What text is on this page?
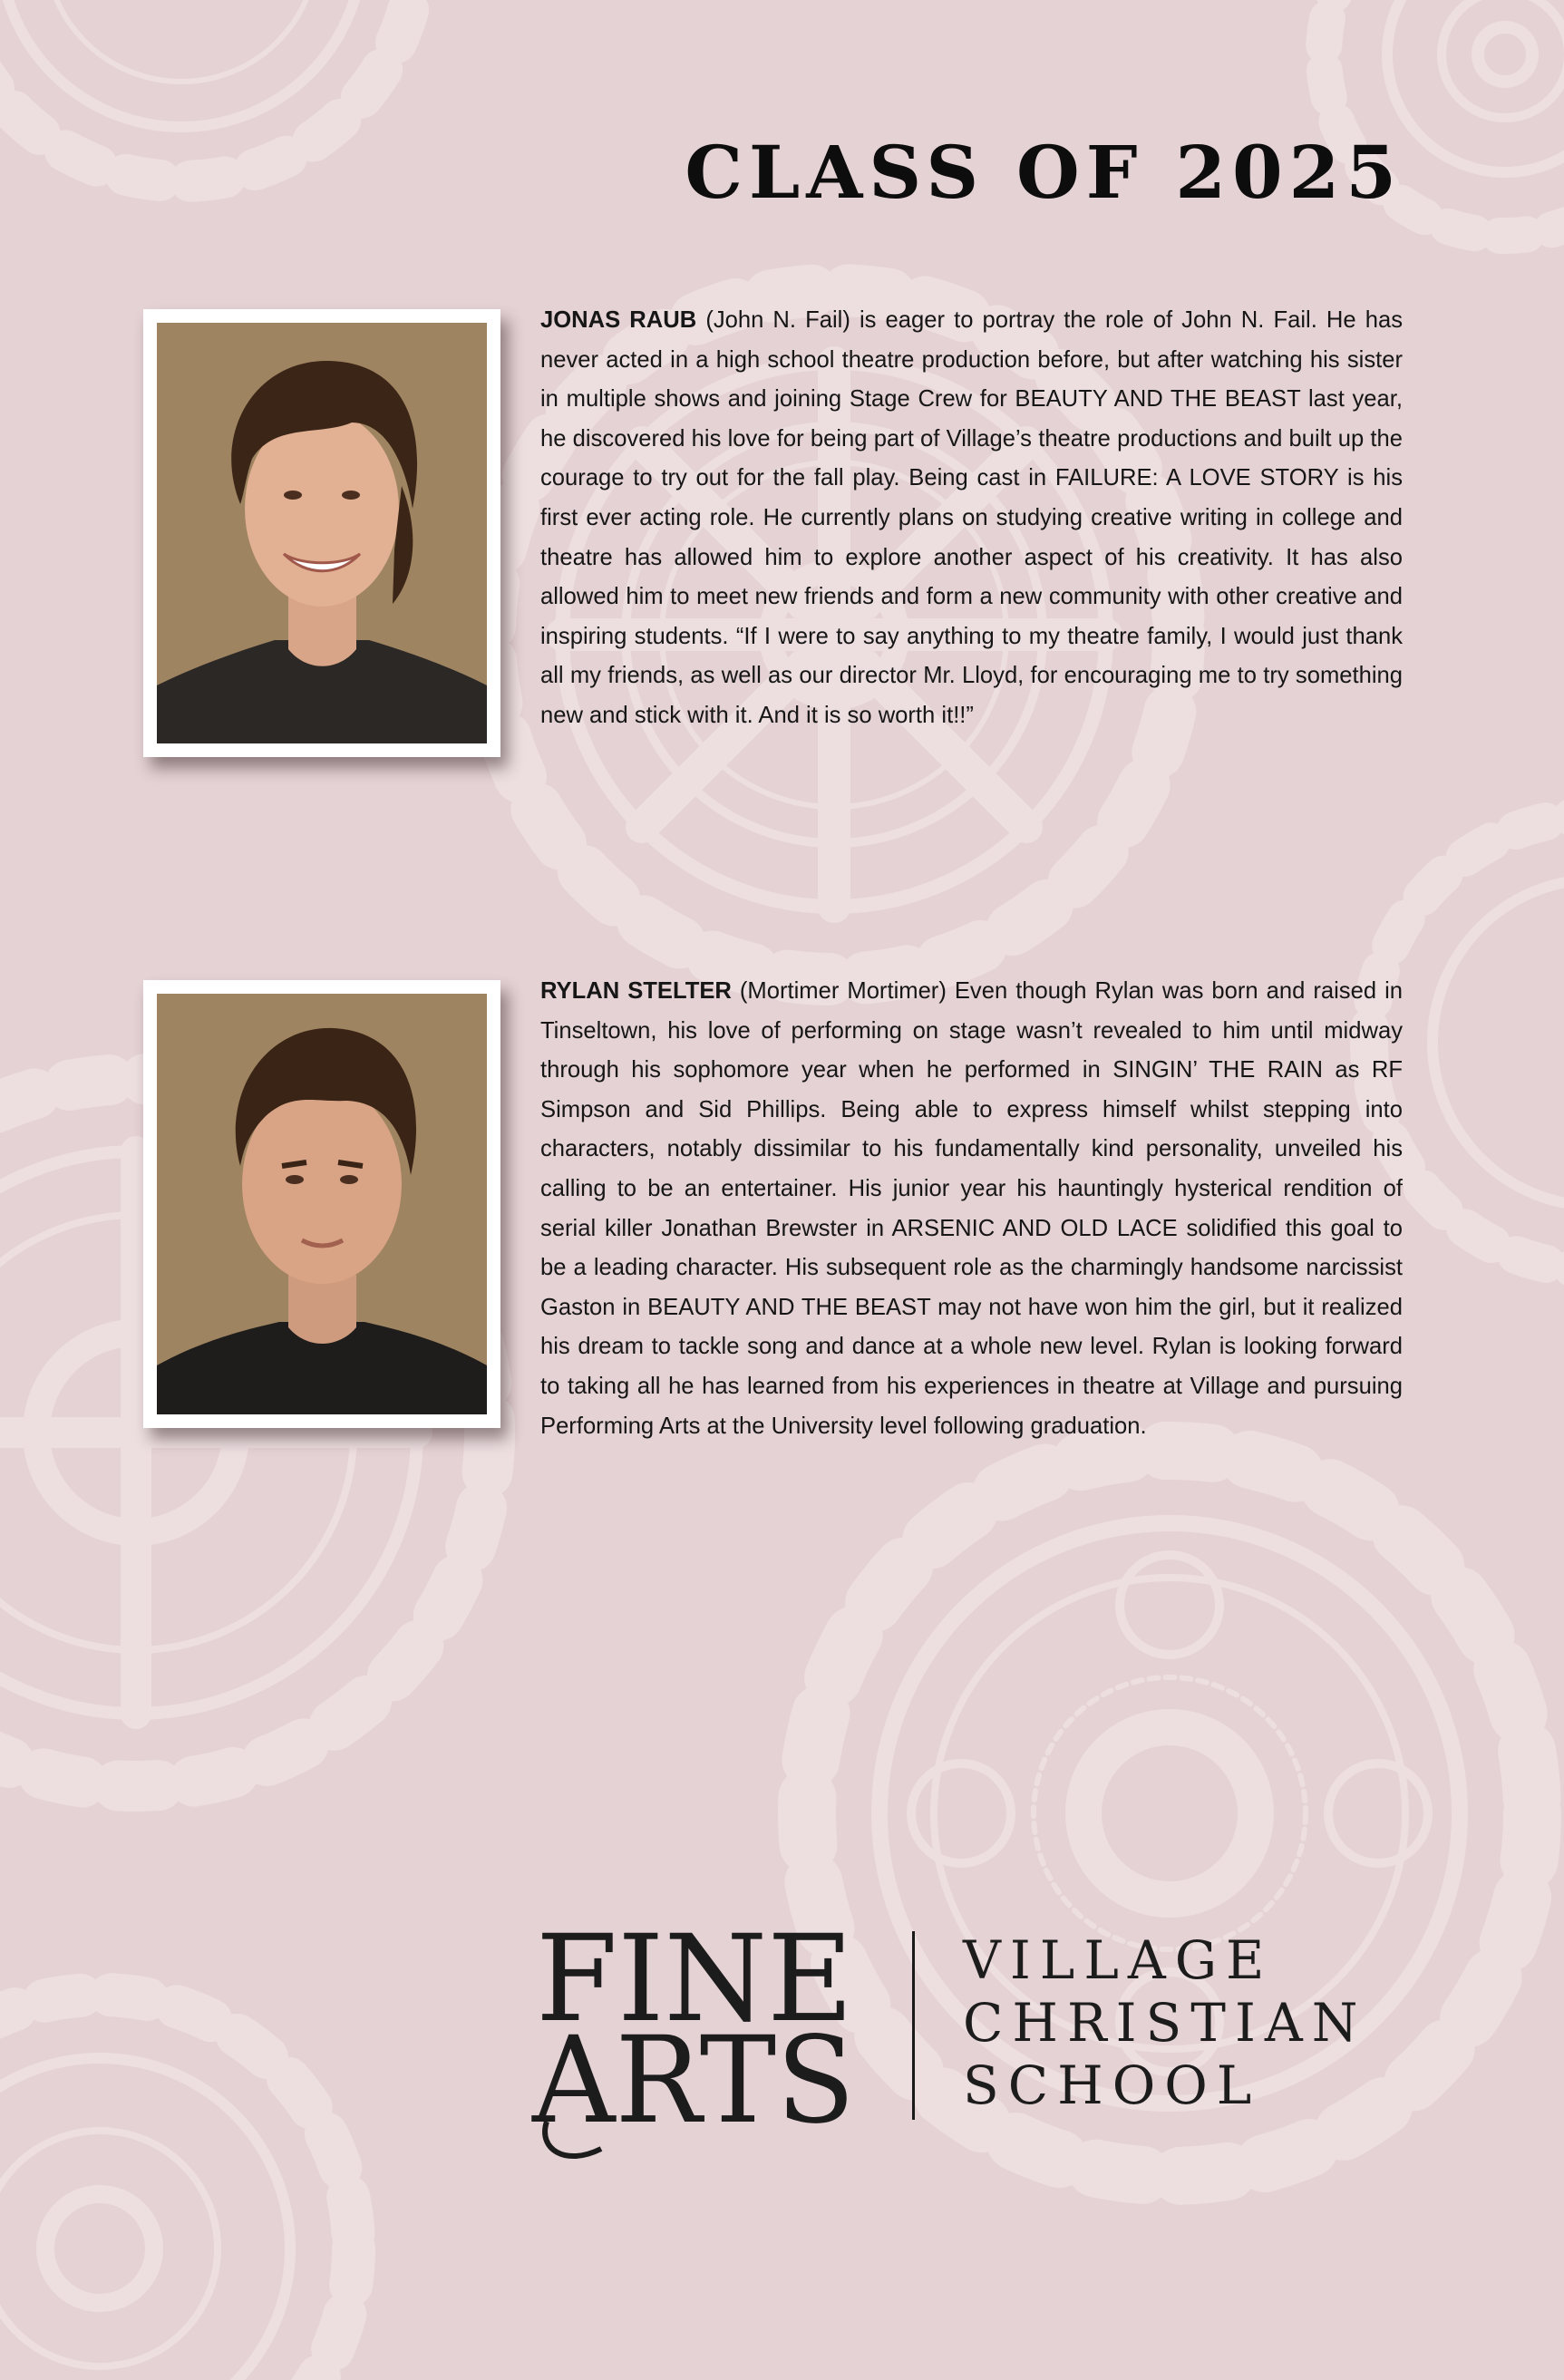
CLASS OF 2025

JONAS RAUB (John N. Fail) is eager to portray the role of John N. Fail. He has never acted in a high school theatre production before, but after watching his sister in multiple shows and joining Stage Crew for BEAUTY AND THE BEAST last year, he discovered his love for being part of Village’s theatre productions and built up the courage to try out for the fall play. Being cast in FAILURE: A LOVE STORY is his first ever acting role. He currently plans on studying creative writing in college and theatre has allowed him to explore another aspect of his creativity. It has also allowed him to meet new friends and form a new community with other creative and inspiring students. “If I were to say anything to my theatre family, I would just thank all my friends, as well as our director Mr. Lloyd, for encouraging me to try something new and stick with it. And it is so worth it!!”

RYLAN STELTER (Mortimer Mortimer) Even though Rylan was born and raised in Tinseltown, his love of performing on stage wasn’t revealed to him until midway through his sophomore year when he performed in SINGIN’ THE RAIN as RF Simpson and Sid Phillips. Being able to express himself whilst stepping into characters, notably dissimilar to his fundamentally kind personality, unveiled his calling to be an entertainer. His junior year his hauntingly hysterical rendition of serial killer Jonathan Brewster in ARSENIC AND OLD LACE solidified this goal to be a leading character. His subsequent role as the charmingly handsome narcissist Gaston in BEAUTY AND THE BEAST may not have won him the girl, but it realized his dream to tackle song and dance at a whole new level. Rylan is looking forward to taking all he has learned from his experiences in theatre at Village and pursuing Performing Arts at the University level following graduation.

FINE
ARTS
VILLAGE
CHRISTIAN
SCHOOL
